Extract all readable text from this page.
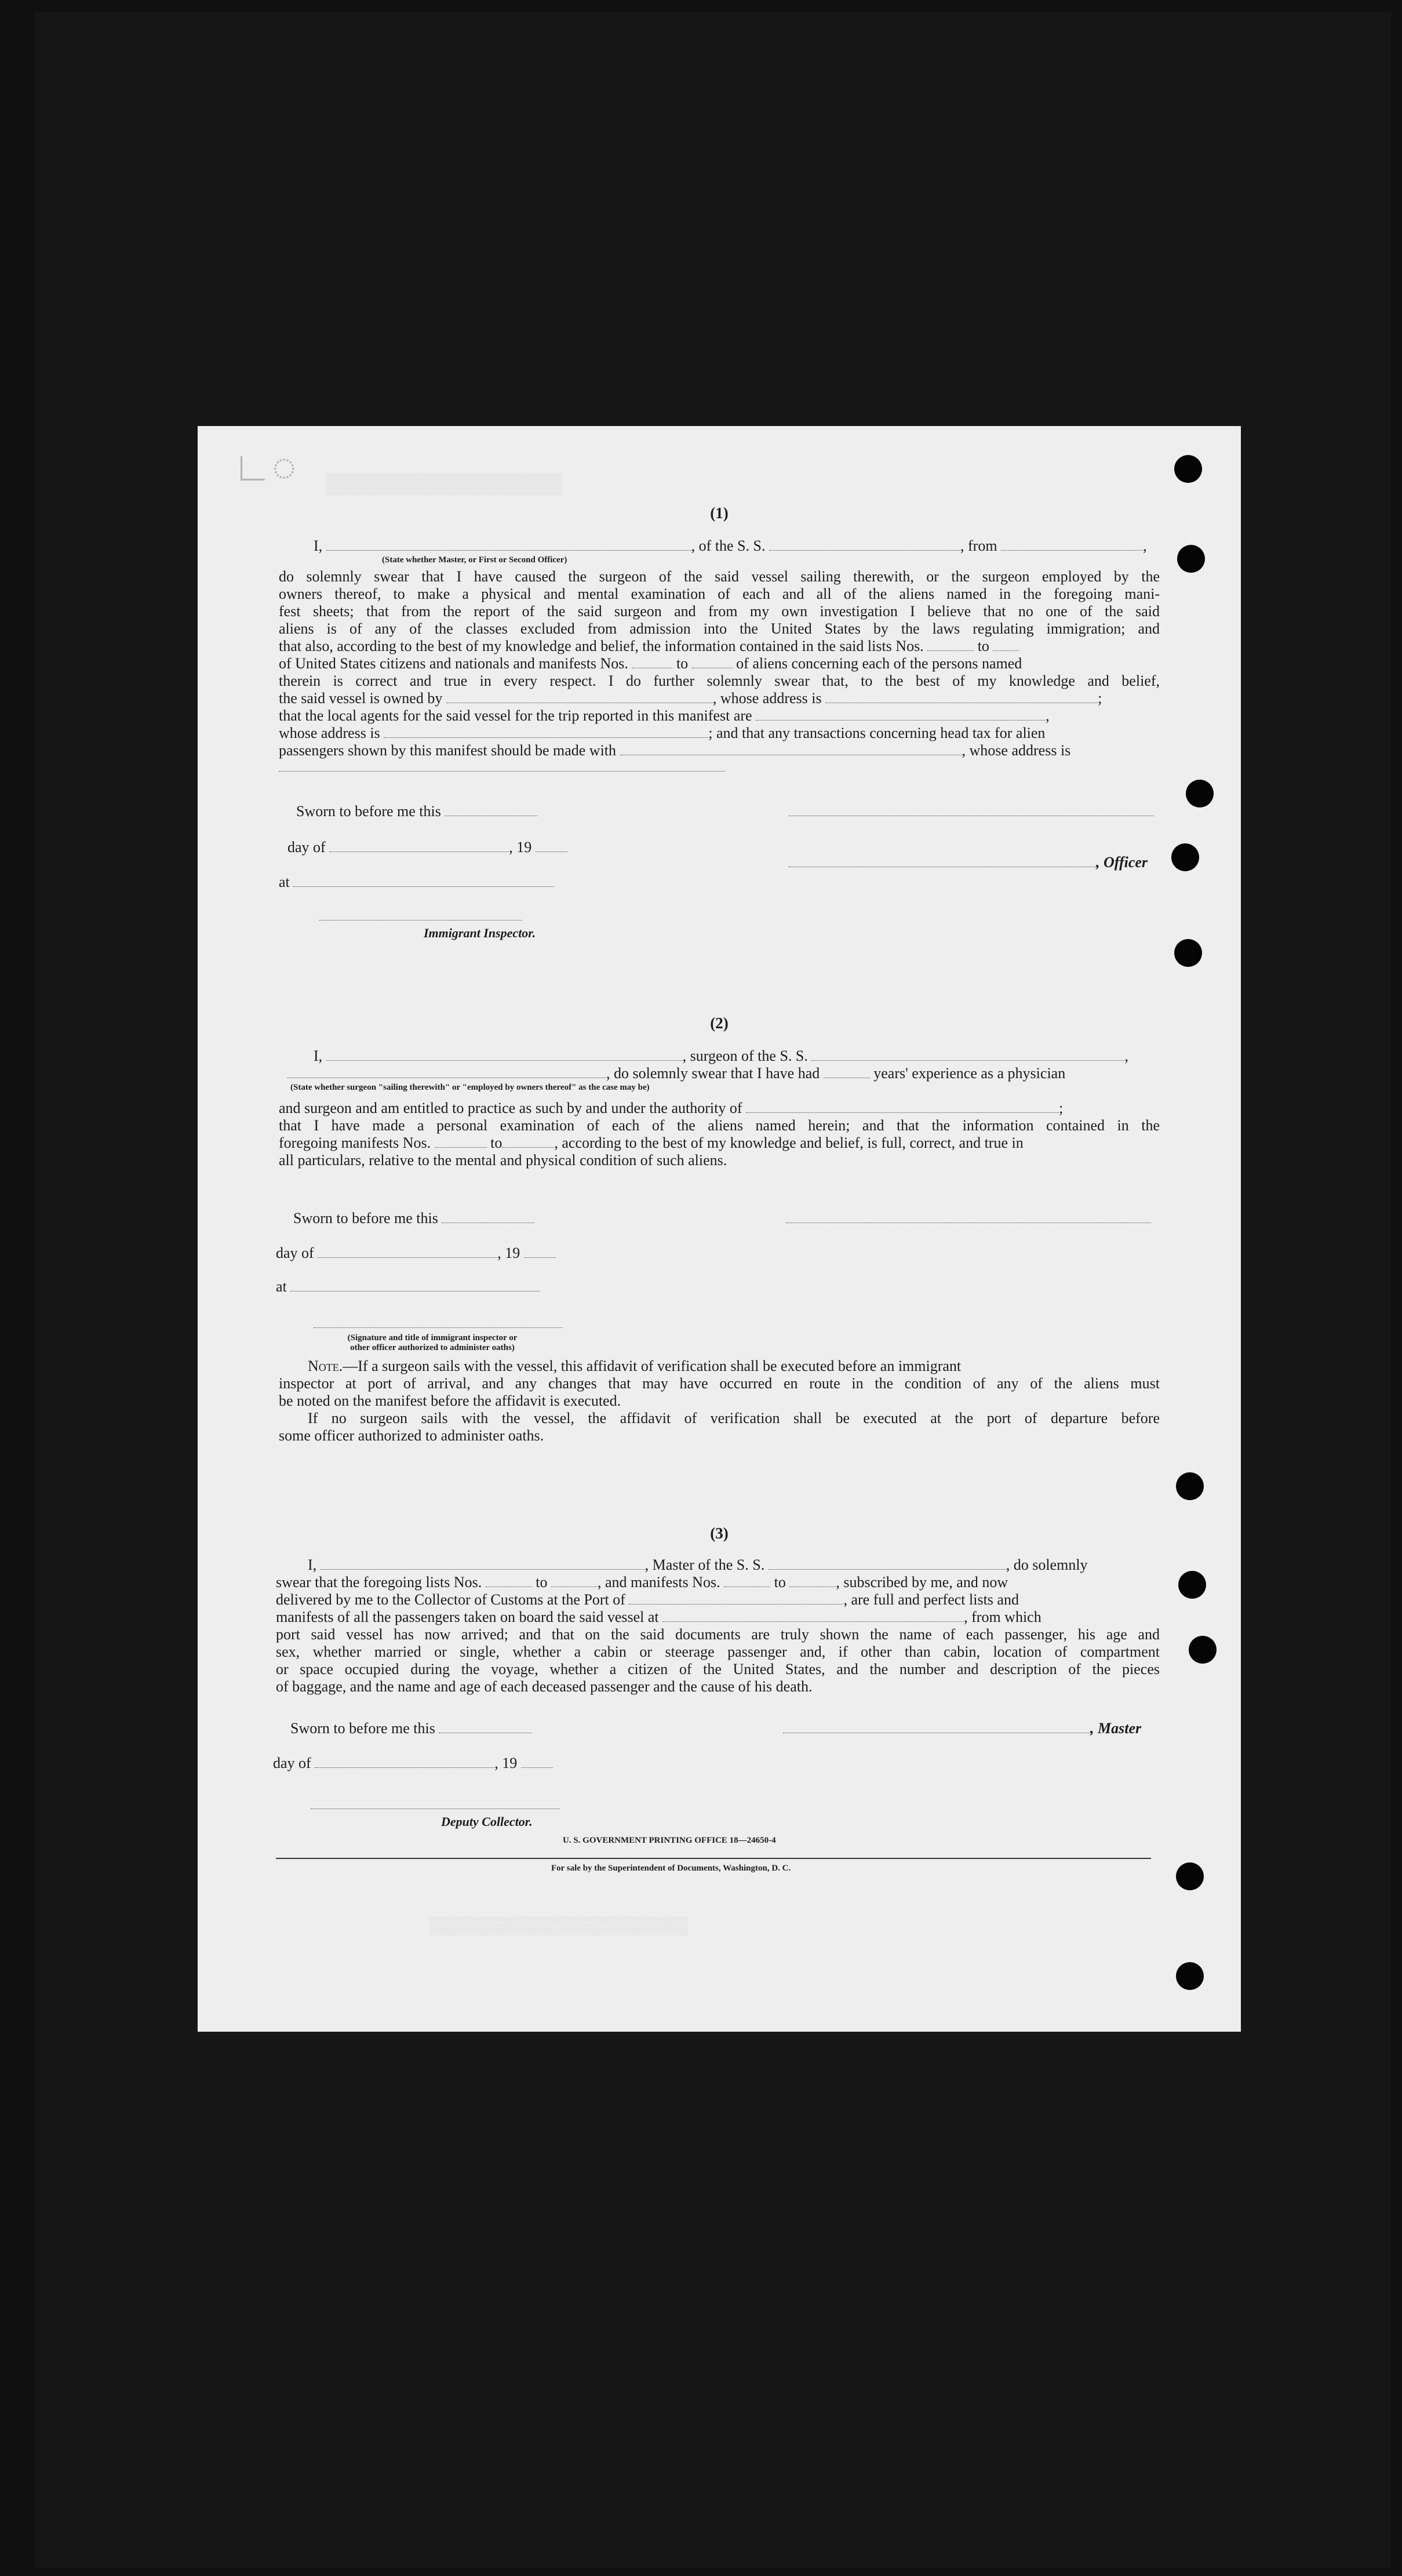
▒▒▒▒▒▒▒▒▒▒▒▒▒▒▒▒▒
∟◌
(1)
I,	, of the S. S.	, from	,
(State whether Master, or First or Second Officer)
do solemnly swear that I have caused the surgeon of the said vessel sailing therewith, or the surgeon employed by the
owners thereof, to make a physical and mental examination of each and all of the aliens named in the foregoing mani-
fest sheets; that from the report of the said surgeon and from my own investigation I believe that no one of the said
aliens is of any of the classes excluded from admission into the United States by the laws regulating immigration; and
that also, according to the best of my knowledge and belief, the information contained in the said lists Nos.	to
of United States citizens and nationals and manifests Nos.	to	of aliens concerning each of the persons named
therein is correct and true in every respect. I do further solemnly swear that, to the best of my knowledge and belief,
the said vessel is owned by	, whose address is	;
that the local agents for the said vessel for the trip reported in this manifest are	,
whose address is	; and that any transactions concerning head tax for alien
passengers shown by this manifest should be made with	, whose address is
Sworn to before me this
day of	, 19
, Officer
at
Immigrant Inspector.
(2)
I,	, surgeon of the S. S.	,
, do solemnly swear that I have had	years' experience as a physician
(State whether surgeon "sailing therewith" or "employed by owners thereof" as the case may be)
and surgeon and am entitled to practice as such by and under the authority of	;
that I have made a personal examination of each of the aliens named herein; and that the information contained in the
foregoing manifests Nos.	to	, according to the best of my knowledge and belief, is full, correct, and true in
all particulars, relative to the mental and physical condition of such aliens.
Sworn to before me this
day of	, 19
at
(Signature and title of immigrant inspector or
other officer authorized to administer oaths)
Note.—If a surgeon sails with the vessel, this affidavit of verification shall be executed before an immigrant
inspector at port of arrival, and any changes that may have occurred en route in the condition of any of the aliens must
be noted on the manifest before the affidavit is executed.
If no surgeon sails with the vessel, the affidavit of verification shall be executed at the port of departure before
some officer authorized to administer oaths.
(3)
I,	, Master of the S. S.	, do solemnly
swear that the foregoing lists Nos.	to	, and manifests Nos.	to	, subscribed by me, and now
delivered by me to the Collector of Customs at the Port of	, are full and perfect lists and
manifests of all the passengers taken on board the said vessel at	, from which
port said vessel has now arrived; and that on the said documents are truly shown the name of each passenger, his age and
sex, whether married or single, whether a cabin or steerage passenger and, if other than cabin, location of compartment
or space occupied during the voyage, whether a citizen of the United States, and the number and description of the pieces
of baggage, and the name and age of each deceased passenger and the cause of his death.
Sworn to before me this	, Master
day of	, 19
Deputy Collector.
U. S. GOVERNMENT PRINTING OFFICE 18—24650-4
For sale by the Superintendent of Documents, Washington, D. C.
▒▒▒▒▒▒▒▒▒▒▒▒▒▒▒▒▒▒▒▒▒
